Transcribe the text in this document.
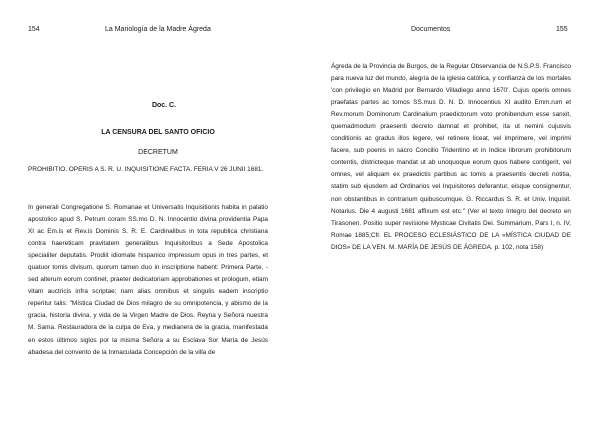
154	La Mariología de la Madre Ágreda
Doc. C.
LA CENSURA DEL SANTO OFICIO
DECRETUM

PROHIBITIO. OPERIS A S. R. U. INQUISITIONE FACTA. FERIA V 26 JUNII 1681.

In generali Congregatione S. Romanae et Universalis Inquisitionis habita in palatio apostolico apud S. Petrum coram SS.mo D. N. Innocentio divina providentia Papa XI ac Em.is et Rev.is Dominis S. R. E. Cardinalibus in tota republica christiana contra haereticam pravitatem generalibus Inquisitoribus a Sede Apostolica specialiter deputatis. Prodiit idiomate hispanico impressum opus in tres partes, et quatuor tomis divisum, quorum tamen duo in inscriptione habent: Primera Parte, -sed alterum eorum continet, praeter dedicatoriam approbationes et prologum, etiam vitam auctricis infra scriptae; nam alias omnibus et singulis eadem inscriptio reperitur talis: "Mística Ciudad de Dios milagro de su omnipotencia, y abismo de la gracia, historia divina, y vida de la Virgen Madre de Dios, Reyna y Señora nuestra M. Sama. Restauradora de la culpa de Eva, y medianera de la gracia, manifestada en estos últimos siglos por la misma Señora a su Esclava Sor María de Jesús abadesa del convento de la Inmaculada Concepción de la villa de

Documentos	155

Ágreda de la Provincia de Burgos, de la Regular Observancia de N.S.P.S. Francisco para nueva luz del mundo, alegría de la iglesia católica, y confianza de los mortales 'con privilegio en Madrid por Bernardo Villadiego anno 1670'. Cujus operis omnes praefatas partes ac tomos SS.mus D. N. D. Innocentius XI audito Emm.rum et Rev.morum Dominorum Cardinalium praedictorum voto prohibendum esse sanxit, quemadmodum praesenti decreto damnat et prohibet, ita ut nemini cujusvis conditionis ac gradus illos legere, vel retinere liceat, vel imprimere, vel imprimi facere, sub poenis in sacro Concilio Tridentino et in Indice librorum prohibitorum contentis, districteque mandat ut ab unoquoque eorum quos habere contigerit, vel omnes, vel aliquam ex praedictis partibus ac tomis a praesentis decreti notitia, statim sub ejusdem ad Ordinarios vel Inquisitores deferantur, eisque consignentur, non obstantibus in contrarium quibuscumque. G. Riccardus S. R. et Univ. Inquisit. Notarius. Die 4 augusti 1681 affixum est etc." (Ver el texto íntegro del decreto en Tirasonen. Positio super revisione Mysticae Civitatis Dei. Summarium, Pars I, n. IV, Romae 1885;Cfr. EL PROCESO ECLESIÁSTICO DE LA «MÍSTICA CIUDAD DE DIOS» DE LA VEN. M. MARÍA DE JESÚS DE ÁGREDA. p. 102, nota 158)
